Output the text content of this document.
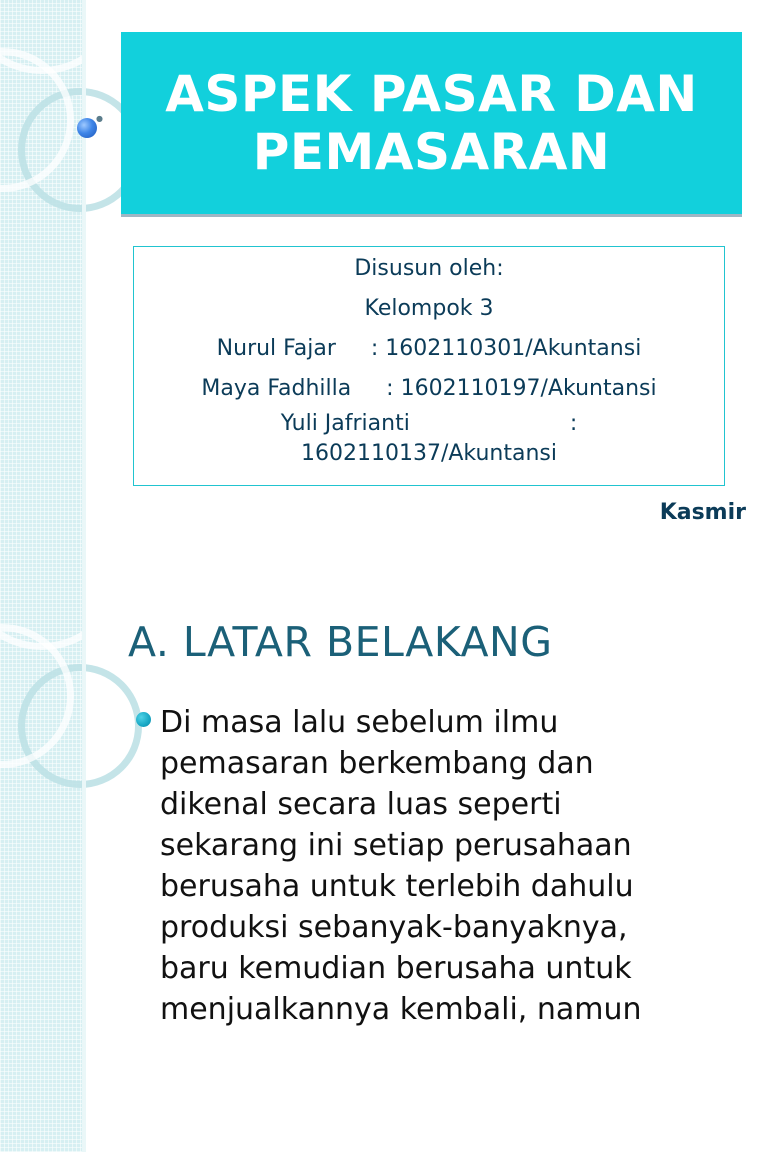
ASPEK PASAR DAN
PEMASARAN
●
Disusun oleh:
Kelompok 3
Nurul Fajar     : 1602110301/Akuntansi
Maya Fadhilla     : 1602110197/Akuntansi
Yuli Jafrianti	:
1602110137/Akuntansi
Kasmir
A. LATAR BELAKANG
Di masa lalu sebelum ilmu
pemasaran berkembang dan
dikenal secara luas seperti
sekarang ini setiap perusahaan
berusaha untuk terlebih dahulu
produksi sebanyak-banyaknya,
baru kemudian berusaha untuk
menjualkannya kembali, namun
